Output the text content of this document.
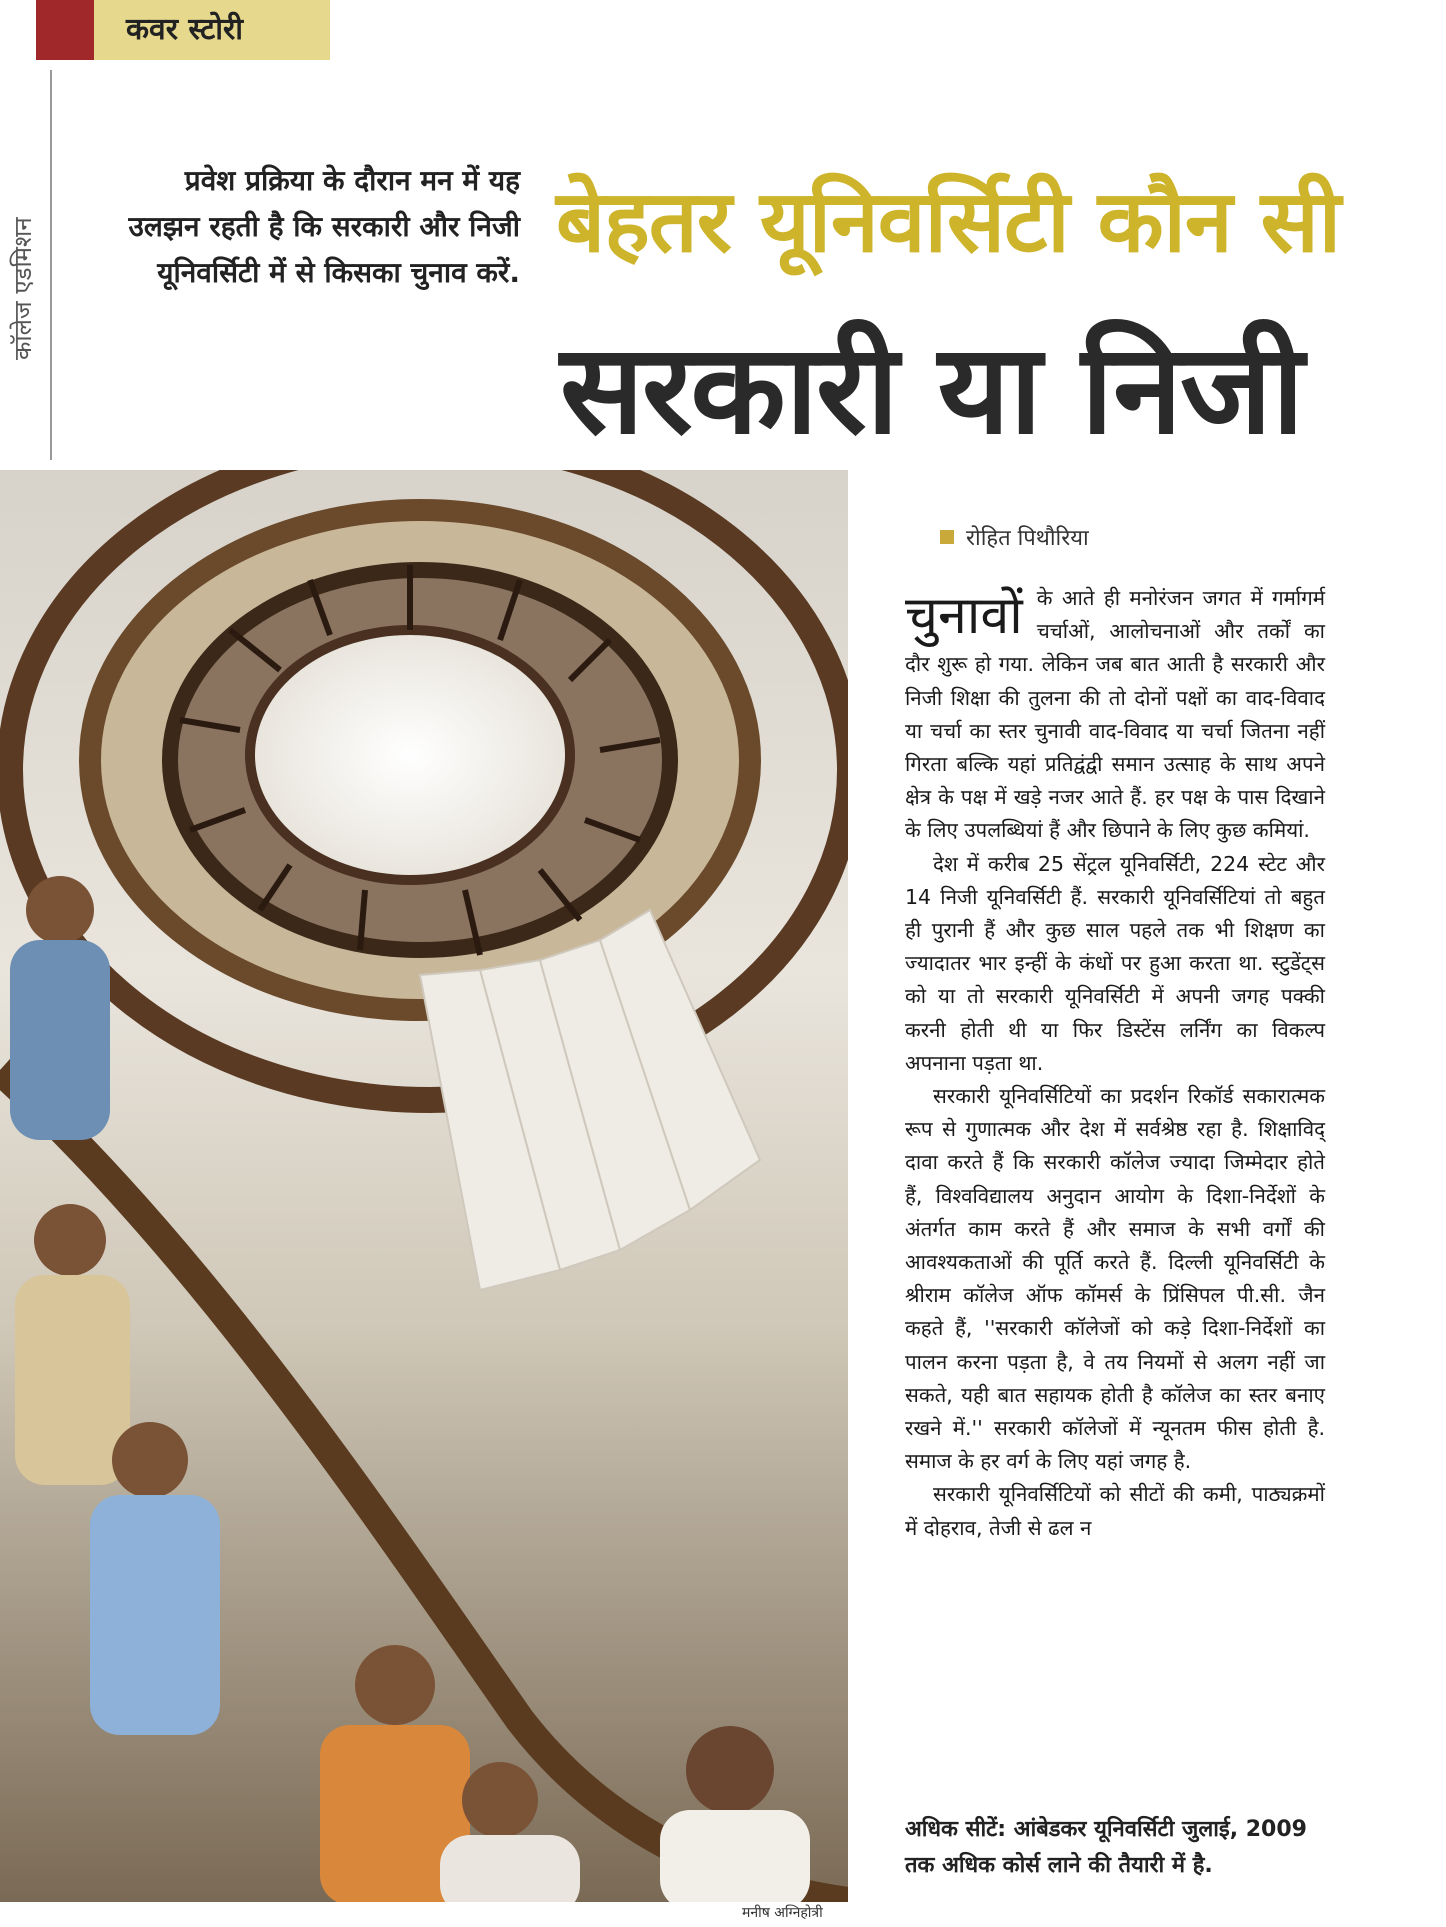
कवर स्टोरी
कॉलेज एडमिशन
प्रवेश प्रक्रिया के दौरान मन में यह उलझन रहती है कि सरकारी और निजी यूनिवर्सिटी में से किसका चुनाव करें.
बेहतर यूनिवर्सिटी कौन सी
सरकारी या निजी
मनीष अग्निहोत्री
रोहित पिथौरिया

चुनावों के आते ही मनोरंजन जगत में गर्मागर्म चर्चाओं, आलोचनाओं और तर्कों का दौर शुरू हो गया. लेकिन जब बात आती है सरकारी और निजी शिक्षा की तुलना की तो दोनों पक्षों का वाद-विवाद या चर्चा का स्तर चुनावी वाद-विवाद या चर्चा जितना नहीं गिरता बल्कि यहां प्रतिद्वंद्वी समान उत्साह के साथ अपने क्षेत्र के पक्ष में खड़े नजर आते हैं. हर पक्ष के पास दिखाने के लिए उपलब्धियां हैं और छिपाने के लिए कुछ कमियां.

देश में करीब 25 सेंट्रल यूनिवर्सिटी, 224 स्टेट और 14 निजी यूनिवर्सिटी हैं. सरकारी यूनिवर्सिटियां तो बहुत ही पुरानी हैं और कुछ साल पहले तक भी शिक्षण का ज्यादातर भार इन्हीं के कंधों पर हुआ करता था. स्टुडेंट्स को या तो सरकारी यूनिवर्सिटी में अपनी जगह पक्की करनी होती थी या फिर डिस्टेंस लर्निंग का विकल्प अपनाना पड़ता था.

सरकारी यूनिवर्सिटियों का प्रदर्शन रिकॉर्ड सकारात्मक रूप से गुणात्मक और देश में सर्वश्रेष्ठ रहा है. शिक्षाविद् दावा करते हैं कि सरकारी कॉलेज ज्यादा जिम्मेदार होते हैं, विश्वविद्यालय अनुदान आयोग के दिशा-निर्देशों के अंतर्गत काम करते हैं और समाज के सभी वर्गों की आवश्यकताओं की पूर्ति करते हैं. दिल्ली यूनिवर्सिटी के श्रीराम कॉलेज ऑफ कॉमर्स के प्रिंसिपल पी.सी. जैन कहते हैं, ''सरकारी कॉलेजों को कड़े दिशा-निर्देशों का पालन करना पड़ता है, वे तय नियमों से अलग नहीं जा सकते, यही बात सहायक होती है कॉलेज का स्तर बनाए रखने में.'' सरकारी कॉलेजों में न्यूनतम फीस होती है. समाज के हर वर्ग के लिए यहां जगह है.

सरकारी यूनिवर्सिटियों को सीटों की कमी, पाठ्यक्रमों में दोहराव, तेजी से ढल न

अधिक सीटें: आंबेडकर यूनिवर्सिटी जुलाई, 2009 तक अधिक कोर्स लाने की तैयारी में है.
